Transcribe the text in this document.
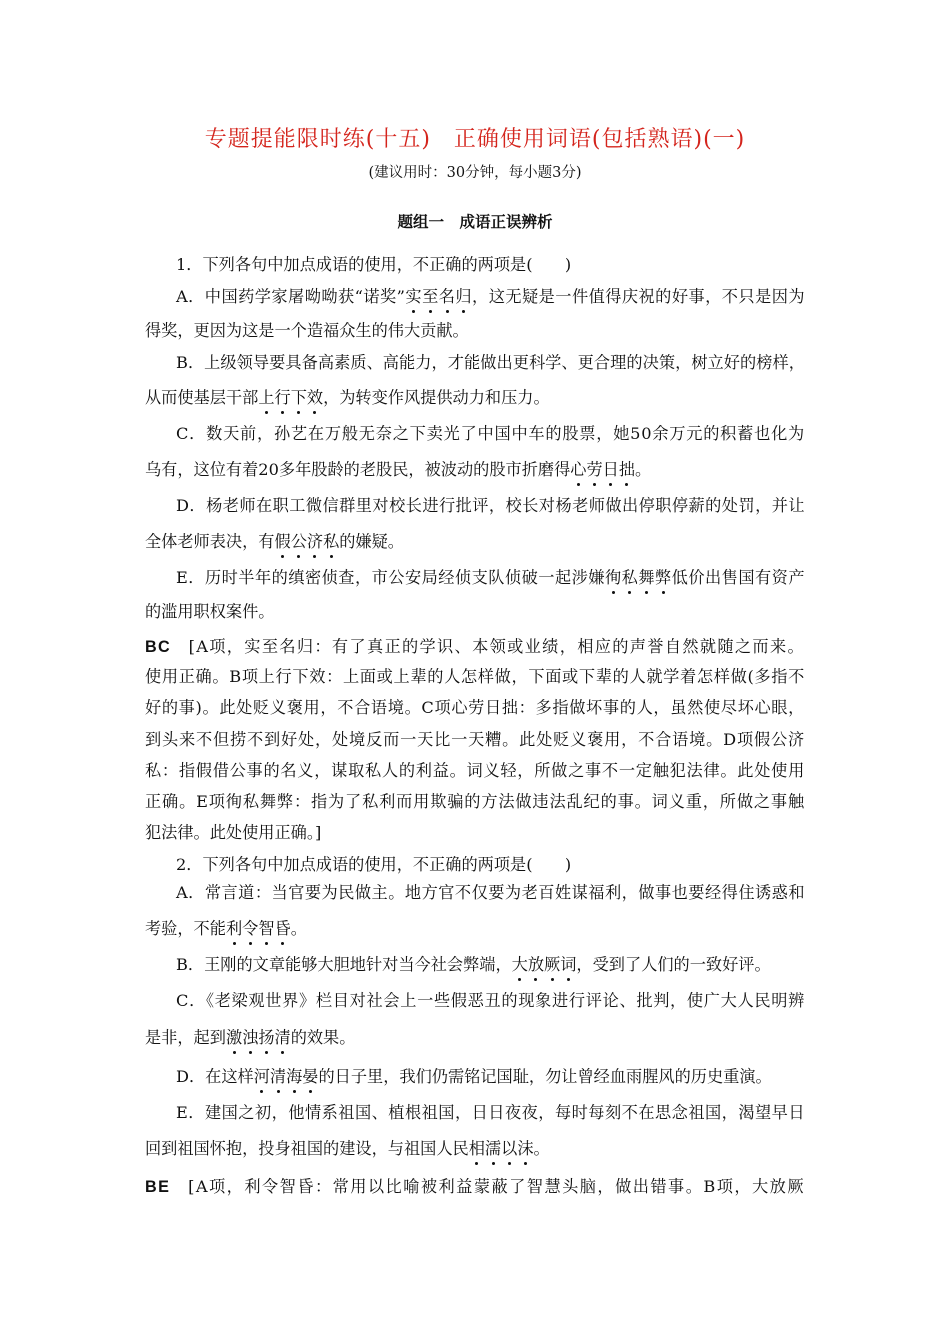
专题提能限时练(十五)　正确使用词语(包括熟语)(一)
(建议用时：30分钟，每小题3分)
题组一　成语正误辨析
1．下列各句中加点成语的使用，不正确的两项是(　　)
A．中国药学家屠呦呦获“诺奖”实至名归，这无疑是一件值得庆祝的好事，不只是因为
得奖，更因为这是一个造福众生的伟大贡献。
B．上级领导要具备高素质、高能力，才能做出更科学、更合理的决策，树立好的榜样，
从而使基层干部上行下效，为转变作风提供动力和压力。
C．数天前，孙艺在万般无奈之下卖光了中国中车的股票，她50余万元的积蓄也化为
乌有，这位有着20多年股龄的老股民，被波动的股市折磨得心劳日拙。
D．杨老师在职工微信群里对校长进行批评，校长对杨老师做出停职停薪的处罚，并让
全体老师表决，有假公济私的嫌疑。
E．历时半年的缜密侦查，市公安局经侦支队侦破一起涉嫌徇私舞弊低价出售国有资产
的滥用职权案件。
BC　[A项，实至名归：有了真正的学识、本领或业绩，相应的声誉自然就随之而来。
使用正确。B项上行下效：上面或上辈的人怎样做，下面或下辈的人就学着怎样做(多指不
好的事)。此处贬义褒用，不合语境。C项心劳日拙：多指做坏事的人，虽然使尽坏心眼，
到头来不但捞不到好处，处境反而一天比一天糟。此处贬义褒用，不合语境。D项假公济
私：指假借公事的名义，谋取私人的利益。词义轻，所做之事不一定触犯法律。此处使用
正确。E项徇私舞弊：指为了私利而用欺骗的方法做违法乱纪的事。词义重，所做之事触
犯法律。此处使用正确。]
2．下列各句中加点成语的使用，不正确的两项是(　　)
A．常言道：当官要为民做主。地方官不仅要为老百姓谋福利，做事也要经得住诱惑和
考验，不能利令智昏。
B．王刚的文章能够大胆地针对当今社会弊端，大放厥词，受到了人们的一致好评。
C．《老梁观世界》栏目对社会上一些假恶丑的现象进行评论、批判，使广大人民明辨
是非，起到激浊扬清的效果。
D．在这样河清海晏的日子里，我们仍需铭记国耻，勿让曾经血雨腥风的历史重演。
E．建国之初，他情系祖国、植根祖国，日日夜夜，每时每刻不在思念祖国，渴望早日
回到祖国怀抱，投身祖国的建设，与祖国人民相濡以沫。
BE　[A项，利令智昏：常用以比喻被利益蒙蔽了智慧头脑，做出错事。B项，大放厥
